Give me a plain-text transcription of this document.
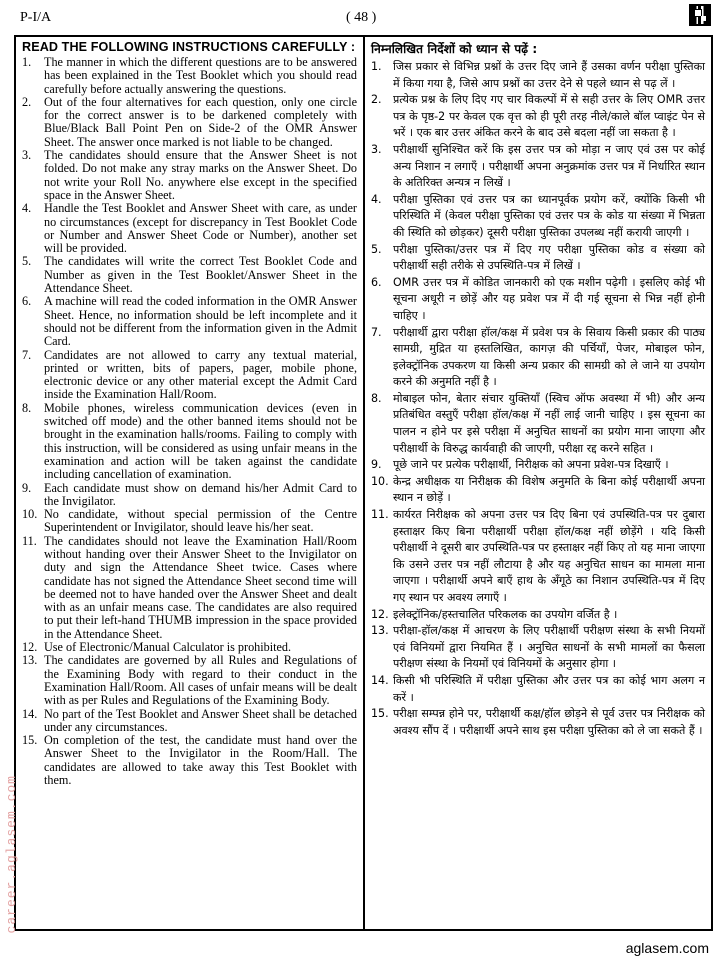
P-I/A	( 48 )
READ THE FOLLOWING INSTRUCTIONS CAREFULLY :
1. The manner in which the different questions are to be answered has been explained in the Test Booklet which you should read carefully before actually answering the questions.
2. Out of the four alternatives for each question, only one circle for the correct answer is to be darkened completely with Blue/Black Ball Point Pen on Side-2 of the OMR Answer Sheet. The answer once marked is not liable to be changed.
3. The candidates should ensure that the Answer Sheet is not folded. Do not make any stray marks on the Answer Sheet. Do not write your Roll No. anywhere else except in the specified space in the Answer Sheet.
4. Handle the Test Booklet and Answer Sheet with care, as under no circumstances (except for discrepancy in Test Booklet Code or Number and Answer Sheet Code or Number), another set will be provided.
5. The candidates will write the correct Test Booklet Code and Number as given in the Test Booklet/Answer Sheet in the Attendance Sheet.
6. A machine will read the coded information in the OMR Answer Sheet. Hence, no information should be left incomplete and it should not be different from the information given in the Admit Card.
7. Candidates are not allowed to carry any textual material, printed or written, bits of papers, pager, mobile phone, electronic device or any other material except the Admit Card inside the Examination Hall/Room.
8. Mobile phones, wireless communication devices (even in switched off mode) and the other banned items should not be brought in the examination halls/rooms. Failing to comply with this instruction, will be considered as using unfair means in the examination and action will be taken against the candidate including cancellation of examination.
9. Each candidate must show on demand his/her Admit Card to the Invigilator.
10. No candidate, without special permission of the Centre Superintendent or Invigilator, should leave his/her seat.
11. The candidates should not leave the Examination Hall/Room without handing over their Answer Sheet to the Invigilator on duty and sign the Attendance Sheet twice. Cases where candidate has not signed the Attendance Sheet second time will be deemed not to have handed over the Answer Sheet and dealt with as an unfair means case. The candidates are also required to put their left-hand THUMB impression in the space provided in the Attendance Sheet.
12. Use of Electronic/Manual Calculator is prohibited.
13. The candidates are governed by all Rules and Regulations of the Examining Body with regard to their conduct in the Examination Hall/Room. All cases of unfair means will be dealt with as per Rules and Regulations of the Examining Body.
14. No part of the Test Booklet and Answer Sheet shall be detached under any circumstances.
15. On completion of the test, the candidate must hand over the Answer Sheet to the Invigilator in the Room/Hall. The candidates are allowed to take away this Test Booklet with them.
निम्नलिखित निर्देशों को ध्यान से पढ़ें :
1. जिस प्रकार से विभिन्न प्रश्नों के उत्तर दिए जाने हैं उसका वर्णन परीक्षा पुस्तिका में किया गया है, जिसे आप प्रश्नों का उत्तर देने से पहले ध्यान से पढ़ लें ।
2. प्रत्येक प्रश्न के लिए दिए गए चार विकल्पों में से सही उत्तर के लिए OMR उत्तर पत्र के पृष्ठ-2 पर केवल एक वृत्त को ही पूरी तरह नीले/काले बॉल प्वाइंट पेन से भरें । एक बार उत्तर अंकित करने के बाद उसे बदला नहीं जा सकता है ।
3. परीक्षार्थी सुनिश्चित करें कि इस उत्तर पत्र को मोड़ा न जाए एवं उस पर कोई अन्य निशान न लगाएँ । परीक्षार्थी अपना अनुक्रमांक उत्तर पत्र में निर्धारित स्थान के अतिरिक्त अन्यत्र न लिखें ।
4. परीक्षा पुस्तिका एवं उत्तर पत्र का ध्यानपूर्वक प्रयोग करें, क्योंकि किसी भी परिस्थिति में (केवल परीक्षा पुस्तिका एवं उत्तर पत्र के कोड या संख्या में भिन्नता की स्थिति को छोड़कर) दूसरी परीक्षा पुस्तिका उपलब्ध नहीं करायी जाएगी ।
5. परीक्षा पुस्तिका/उत्तर पत्र में दिए गए परीक्षा पुस्तिका कोड व संख्या को परीक्षार्थी सही तरीके से उपस्थिति-पत्र में लिखें ।
6. OMR उत्तर पत्र में कोडित जानकारी को एक मशीन पढ़ेगी । इसलिए कोई भी सूचना अधूरी न छोड़ें और यह प्रवेश पत्र में दी गई सूचना से भिन्न नहीं होनी चाहिए ।
7. परीक्षार्थी द्वारा परीक्षा हॉल/कक्ष में प्रवेश पत्र के सिवाय किसी प्रकार की पाठ्य सामग्री, मुद्रित या हस्तलिखित, कागज़ की पर्चियाँ, पेजर, मोबाइल फोन, इलेक्ट्रॉनिक उपकरण या किसी अन्य प्रकार की सामग्री को ले जाने या उपयोग करने की अनुमति नहीं है ।
8. मोबाइल फोन, बेतार संचार युक्तियाँ (स्विच ऑफ अवस्था में भी) और अन्य प्रतिबंधित वस्तुएँ परीक्षा हॉल/कक्ष में नहीं लाई जानी चाहिए । इस सूचना का पालन न होने पर इसे परीक्षा में अनुचित साधनों का प्रयोग माना जाएगा और परीक्षार्थी के विरुद्ध कार्यवाही की जाएगी, परीक्षा रद्द करने सहित ।
9. पूछे जाने पर प्रत्येक परीक्षार्थी, निरीक्षक को अपना प्रवेश-पत्र दिखाएँ ।
10. केन्द्र अधीक्षक या निरीक्षक की विशेष अनुमति के बिना कोई परीक्षार्थी अपना स्थान न छोड़ें ।
11. कार्यरत निरीक्षक को अपना उत्तर पत्र दिए बिना एवं उपस्थिति-पत्र पर दुबारा हस्ताक्षर किए बिना परीक्षार्थी परीक्षा हॉल/कक्ष नहीं छोड़ेंगे । यदि किसी परीक्षार्थी ने दूसरी बार उपस्थिति-पत्र पर हस्ताक्षर नहीं किए तो यह माना जाएगा कि उसने उत्तर पत्र नहीं लौटाया है और यह अनुचित साधन का मामला माना जाएगा । परीक्षार्थी अपने बाएँ हाथ के अँगूठे का निशान उपस्थिति-पत्र में दिए गए स्थान पर अवश्य लगाएँ ।
12. इलेक्ट्रॉनिक/हस्तचालित परिकलक का उपयोग वर्जित है ।
13. परीक्षा-हॉल/कक्ष में आचरण के लिए परीक्षार्थी परीक्षण संस्था के सभी नियमों एवं विनियमों द्वारा नियमित हैं । अनुचित साधनों के सभी मामलों का फैसला परीक्षण संस्था के नियमों एवं विनियमों के अनुसार होगा ।
14. किसी भी परिस्थिति में परीक्षा पुस्तिका और उत्तर पत्र का कोई भाग अलग न करें ।
15. परीक्षा सम्पन्न होने पर, परीक्षार्थी कक्ष/हॉल छोड़ने से पूर्व उत्तर पत्र निरीक्षक को अवश्य सौंप दें । परीक्षार्थी अपने साथ इस परीक्षा पुस्तिका को ले जा सकते हैं ।
career.aglasem.com
aglasem.com
